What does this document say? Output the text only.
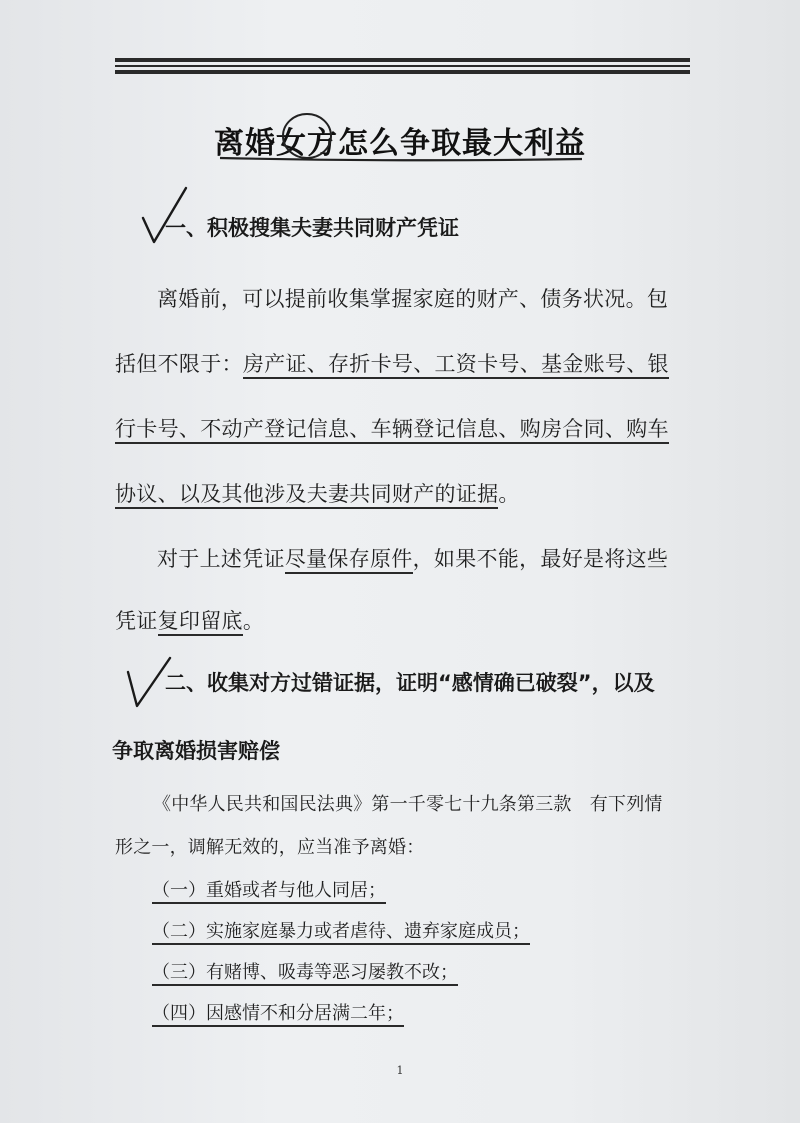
离婚女方怎么争取最大利益
一、积极搜集夫妻共同财产凭证
离婚前，可以提前收集掌握家庭的财产、债务状况。包
括但不限于：房产证、存折卡号、工资卡号、基金账号、银
行卡号、不动产登记信息、车辆登记信息、购房合同、购车
协议、以及其他涉及夫妻共同财产的证据。
对于上述凭证尽量保存原件，如果不能，最好是将这些
凭证复印留底。
二、收集对方过错证据，证明“感情确已破裂”，以及
争取离婚损害赔偿
《中华人民共和国民法典》第一千零七十九条第三款　有下列情
形之一，调解无效的，应当准予离婚：
（一）重婚或者与他人同居；
（二）实施家庭暴力或者虐待、遗弃家庭成员；
（三）有赌博、吸毒等恶习屡教不改；
（四）因感情不和分居满二年；
1
